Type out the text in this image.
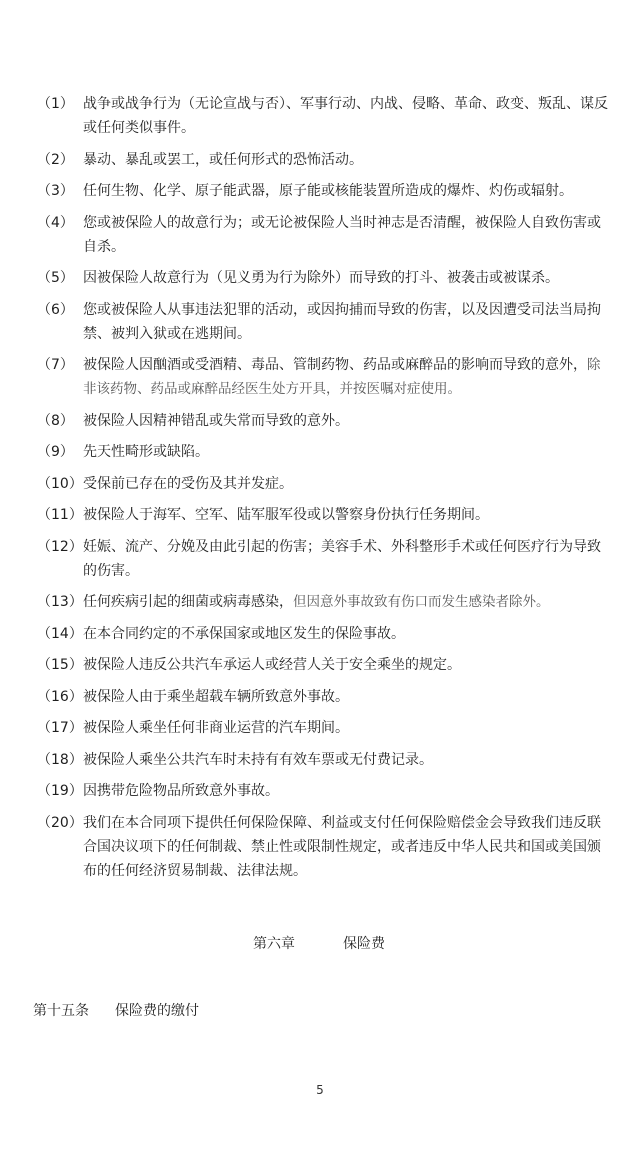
（1） 战争或战争行为（无论宣战与否）、军事行动、内战、侵略、革命、政变、叛乱、谋反或任何类似事件。
（2） 暴动、暴乱或罢工，或任何形式的恐怖活动。
（3） 任何生物、化学、原子能武器，原子能或核能装置所造成的爆炸、灼伤或辐射。
（4） 您或被保险人的故意行为；或无论被保险人当时神志是否清醒，被保险人自致伤害或自杀。
（5） 因被保险人故意行为（见义勇为行为除外）而导致的打斗、被袭击或被谋杀。
（6） 您或被保险人从事违法犯罪的活动，或因拘捕而导致的伤害，以及因遭受司法当局拘禁、被判入狱或在逃期间。
（7） 被保险人因酗酒或受酒精、毒品、管制药物、药品或麻醉品的影响而导致的意外，除非该药物、药品或麻醉品经医生处方开具，并按医嘱对症使用。
（8） 被保险人因精神错乱或失常而导致的意外。
（9） 先天性畸形或缺陷。
（10） 受保前已存在的受伤及其并发症。
（11） 被保险人于海军、空军、陆军服军役或以警察身份执行任务期间。
（12） 妊娠、流产、分娩及由此引起的伤害；美容手术、外科整形手术或任何医疗行为导致的伤害。
（13） 任何疾病引起的细菌或病毒感染，但因意外事故致有伤口而发生感染者除外。
（14） 在本合同约定的不承保国家或地区发生的保险事故。
（15） 被保险人违反公共汽车承运人或经营人关于安全乘坐的规定。
（16） 被保险人由于乘坐超载车辆所致意外事故。
（17） 被保险人乘坐任何非商业运营的汽车期间。
（18） 被保险人乘坐公共汽车时未持有有效车票或无付费记录。
（19） 因携带危险物品所致意外事故。
（20） 我们在本合同项下提供任何保险保障、利益或支付任何保险赔偿金会导致我们违反联合国决议项下的任何制裁、禁止性或限制性规定，或者违反中华人民共和国或美国颁布的任何经济贸易制裁、法律法规。
第六章	保险费
第十五条 保险费的缴付
5
